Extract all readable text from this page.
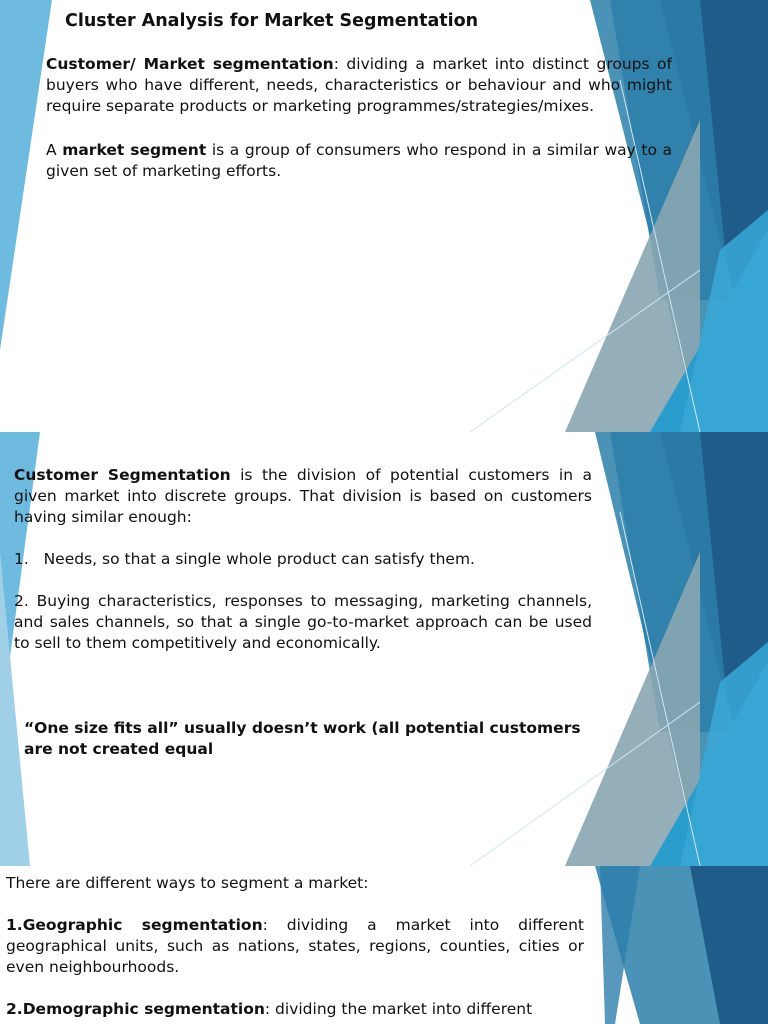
Cluster Analysis for Market Segmentation

Customer/ Market segmentation: dividing a market into distinct groups of buyers who have different, needs, characteristics or behaviour and who might require separate products or marketing programmes/strategies/mixes.

A market segment is a group of consumers who respond in a similar way to a given set of marketing efforts.

Customer Segmentation is the division of potential customers in a given market into discrete groups. That division is based on customers having similar enough:

1.   Needs, so that a single whole product can satisfy them.

2. Buying characteristics, responses to messaging, marketing channels, and sales channels, so that a single go-to-market approach can be used to sell to them competitively and economically.

“One size fits all” usually doesn’t work (all potential customers are not created equal

There are different ways to segment a market:

1.Geographic segmentation: dividing a market into different geographical units, such as nations, states, regions, counties, cities or even neighbourhoods.

2.Demographic segmentation: dividing the market into different
